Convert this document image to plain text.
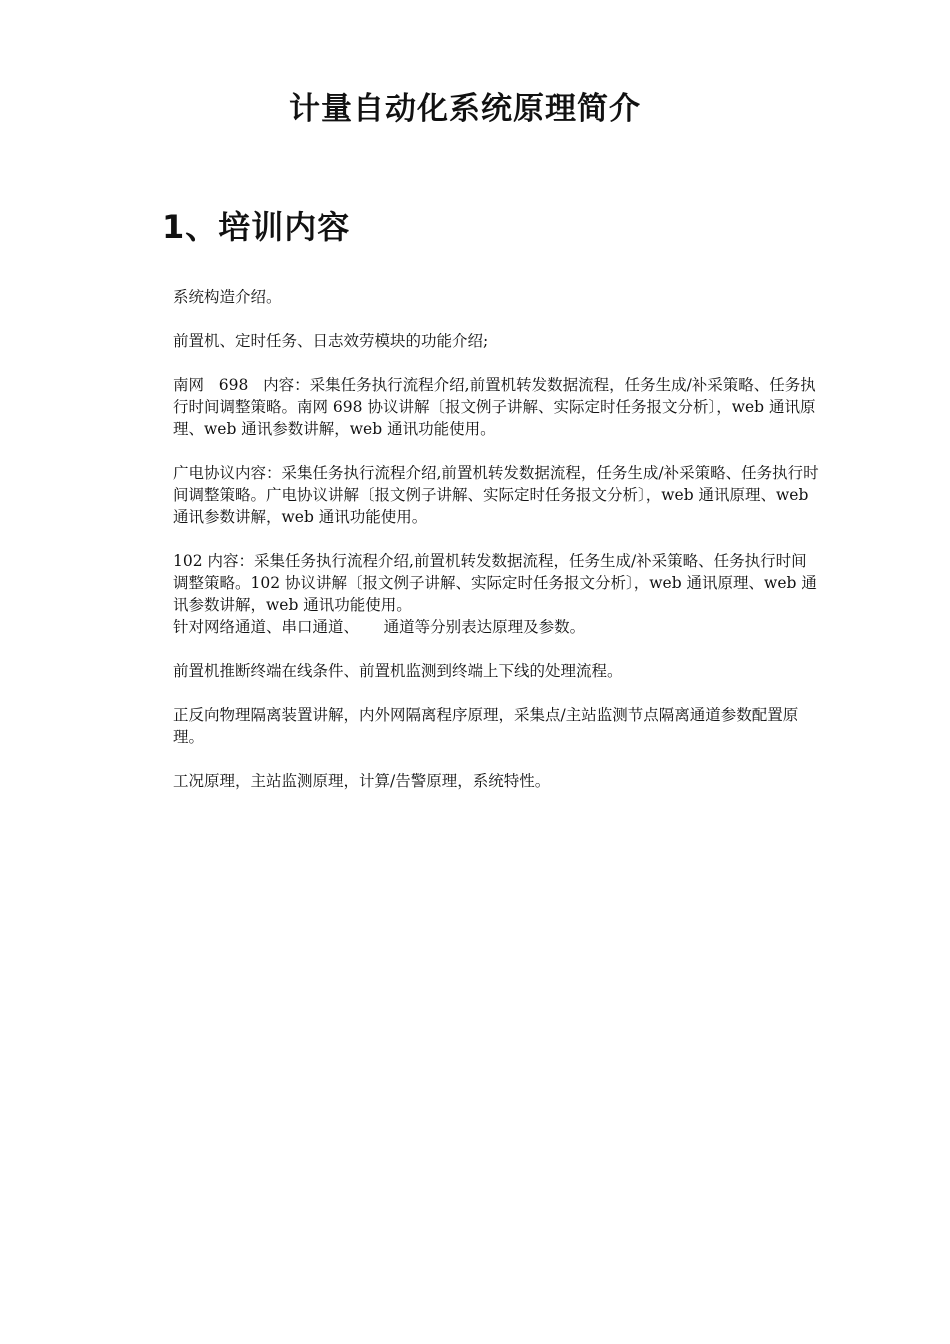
计量自动化系统原理简介
1、培训内容

系统构造介绍。

前置机、定时任务、日志效劳模块的功能介绍;

南网   698   内容：采集任务执行流程介绍,前置机转发数据流程，任务生成/补采策略、任务执行时间调整策略。南网 698 协议讲解〔报文例子讲解、实际定时任务报文分析〕，web 通讯原理、web 通讯参数讲解，web 通讯功能使用。

广电协议内容：采集任务执行流程介绍,前置机转发数据流程，任务生成/补采策略、任务执行时间调整策略。广电协议讲解〔报文例子讲解、实际定时任务报文分析〕，web 通讯原理、web 通讯参数讲解，web 通讯功能使用。

102 内容：采集任务执行流程介绍,前置机转发数据流程，任务生成/补采策略、任务执行时间调整策略。102 协议讲解〔报文例子讲解、实际定时任务报文分析〕，web 通讯原理、web 通讯参数讲解，web 通讯功能使用。

针对网络通道、串口通道、     通道等分别表达原理及参数。

前置机推断终端在线条件、前置机监测到终端上下线的处理流程。

正反向物理隔离装置讲解，内外网隔离程序原理，采集点/主站监测节点隔离通道参数配置原理。

工况原理，主站监测原理，计算/告警原理，系统特性。
